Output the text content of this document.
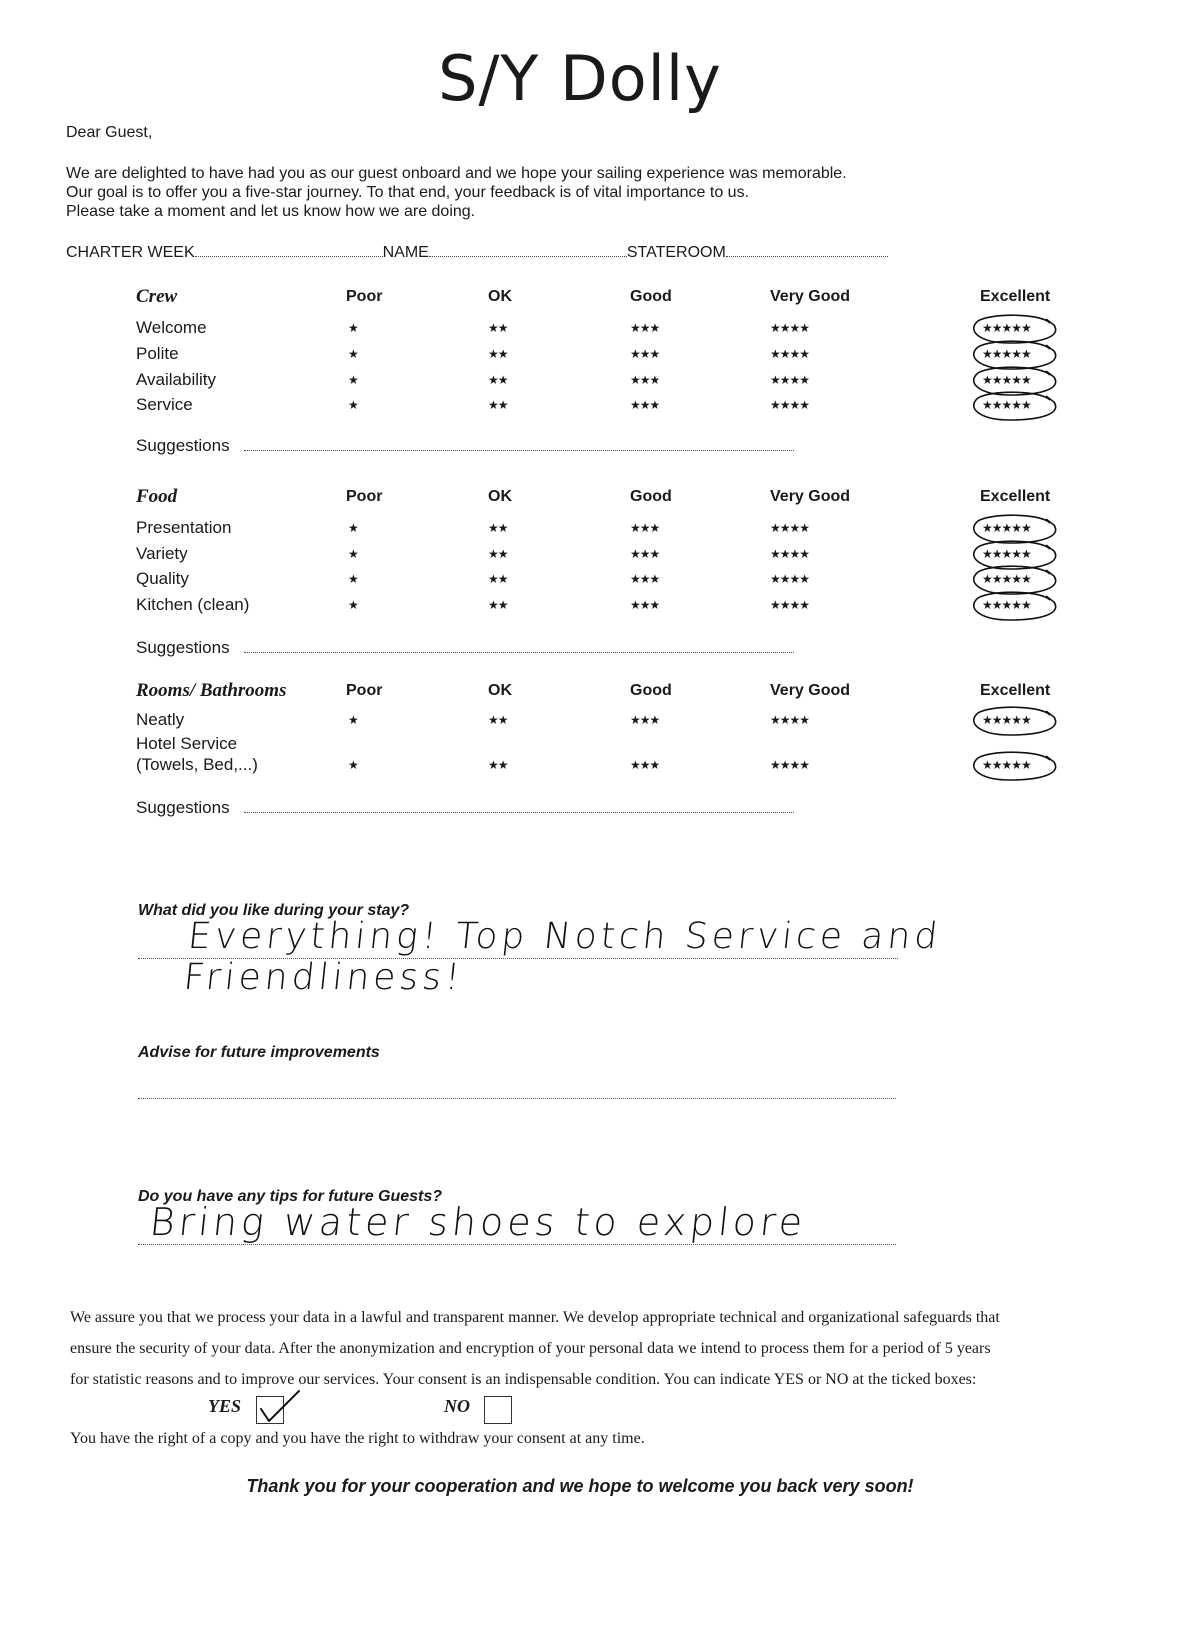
S/Y Dolly
Dear Guest,
We are delighted to have had you as our guest onboard and we hope your sailing experience was memorable.
Our goal is to offer you a five-star journey. To that end, your feedback is of vital importance to us.
Please take a moment and let us know how we are doing.
CHARTER WEEK	NAME	STATEROOM
Crew	Poor	OK	Good	Very Good	Excellent
Welcome	★	★★	★★★	★★★★	★★★★★
Polite	★	★★	★★★	★★★★	★★★★★
Availability	★	★★	★★★	★★★★	★★★★★
Service	★	★★	★★★	★★★★	★★★★★
Suggestions
Food	Poor	OK	Good	Very Good	Excellent
Presentation	★	★★	★★★	★★★★	★★★★★
Variety	★	★★	★★★	★★★★	★★★★★
Quality	★	★★	★★★	★★★★	★★★★★
Kitchen (clean)	★	★★	★★★	★★★★	★★★★★
Suggestions
Rooms/ Bathrooms	Poor	OK	Good	Very Good	Excellent
Neatly	★	★★	★★★	★★★★	★★★★★
Hotel Service
(Towels, Bed,...)	★	★★	★★★	★★★★	★★★★★
Suggestions
What did you like during your stay?
Everything! Top Notch Service and Friendliness!
Advise for future improvements
Do you have any tips for future Guests?
Bring water shoes to explore
We assure you that we process your data in a lawful and transparent manner. We develop appropriate technical and organizational safeguards that
ensure the security of your data. After the anonymization and encryption of your personal data we intend to process them for a period of 5 years
for statistic reasons and to improve our services. Your consent is an indispensable condition. You can indicate YES or NO at the ticked boxes:
YES	NO
You have the right of a copy and you have the right to withdraw your consent at any time.
Thank you for your cooperation and we hope to welcome you back very soon!
